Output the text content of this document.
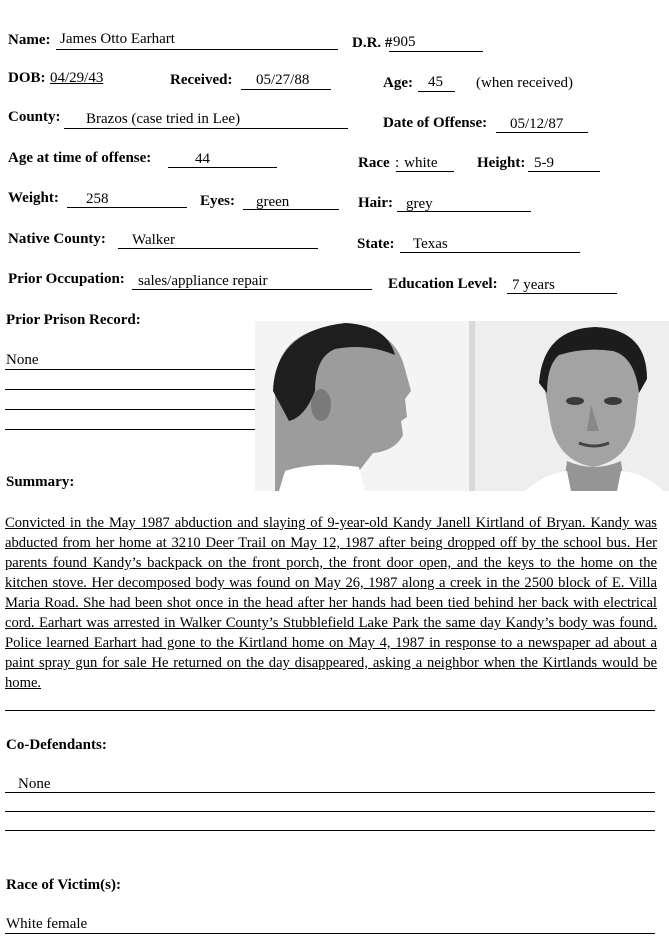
Name: James Otto Earhart	D.R. # 905
DOB: 04/29/43	Received: 05/27/88	Age: 45 (when received)
County: Brazos (case tried in Lee)	Date of Offense: 05/12/87
Age at time of offense:	44	Race : white	Height: 5-9
Weight: 258	Eyes: green	Hair: grey
Native County: Walker	State: Texas
Prior Occupation: sales/appliance repair	Education Level: 7 years
Prior Prison Record:
None
Summary:
Convicted in the May 1987 abduction and slaying of 9-year-old Kandy Janell Kirtland of Bryan. Kandy was abducted from her home at 3210 Deer Trail on May 12, 1987 after being dropped off by the school bus. Her parents found Kandy’s backpack on the front porch, the front door open, and the keys to the home on the kitchen stove. Her decomposed body was found on May 26, 1987 along a creek in the 2500 block of E. Villa Maria Road. She had been shot once in the head after her hands had been tied behind her back with electrical cord. Earhart was arrested in Walker County’s Stubblefield Lake Park the same day Kandy’s body was found. Police learned Earhart had gone to the Kirtland home on May 4, 1987 in response to a newspaper ad about a paint spray gun for sale He returned on the day disappeared, asking a neighbor when the Kirtlands would be home.
Co-Defendants:
None
Race of Victim(s):
White female
